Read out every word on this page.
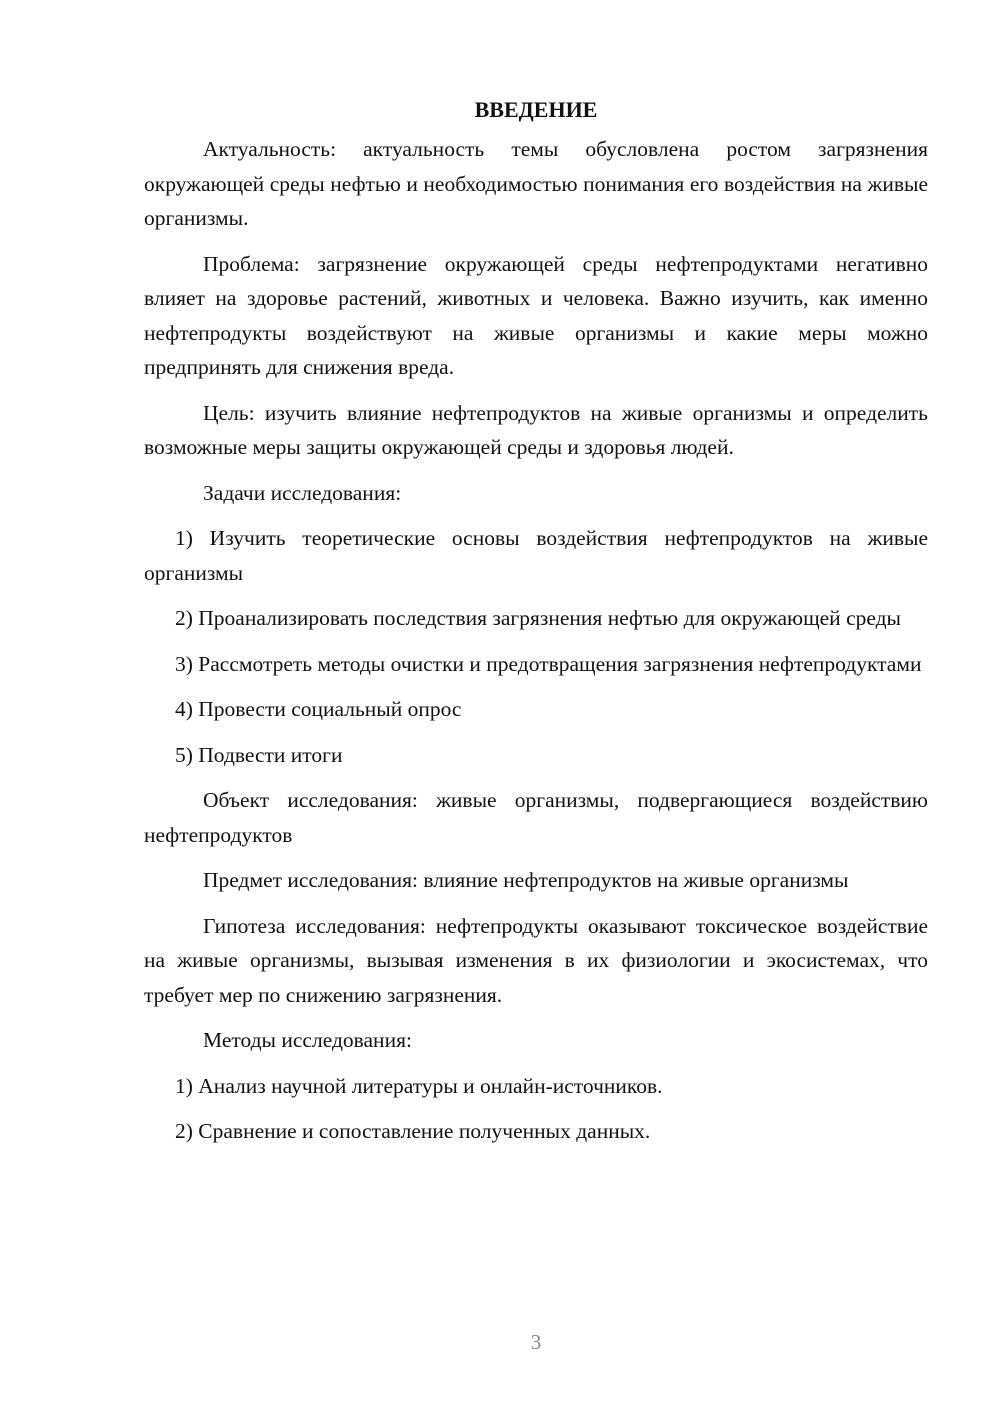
ВВЕДЕНИЕ

Актуальность: актуальность темы обусловлена ростом загрязнения окружающей среды нефтью и необходимостью понимания его воздействия на живые организмы.

Проблема: загрязнение окружающей среды нефтепродуктами негативно влияет на здоровье растений, животных и человека. Важно изучить, как именно нефтепродукты воздействуют на живые организмы и какие меры можно предпринять для снижения вреда.

Цель: изучить влияние нефтепродуктов на живые организмы и определить возможные меры защиты окружающей среды и здоровья людей.

Задачи исследования:

1) Изучить теоретические основы воздействия нефтепродуктов на живые организмы

2) Проанализировать последствия загрязнения нефтью для окружающей среды

3) Рассмотреть методы очистки и предотвращения загрязнения нефтепродуктами

4) Провести социальный опрос

5) Подвести итоги

Объект исследования: живые организмы, подвергающиеся воздействию нефтепродуктов

Предмет исследования: влияние нефтепродуктов на живые организмы

Гипотеза исследования: нефтепродукты оказывают токсическое воздействие на живые организмы, вызывая изменения в их физиологии и экосистемах, что требует мер по снижению загрязнения.

Методы исследования:

1) Анализ научной литературы и онлайн-источников.

2) Сравнение и сопоставление полученных данных.

3
